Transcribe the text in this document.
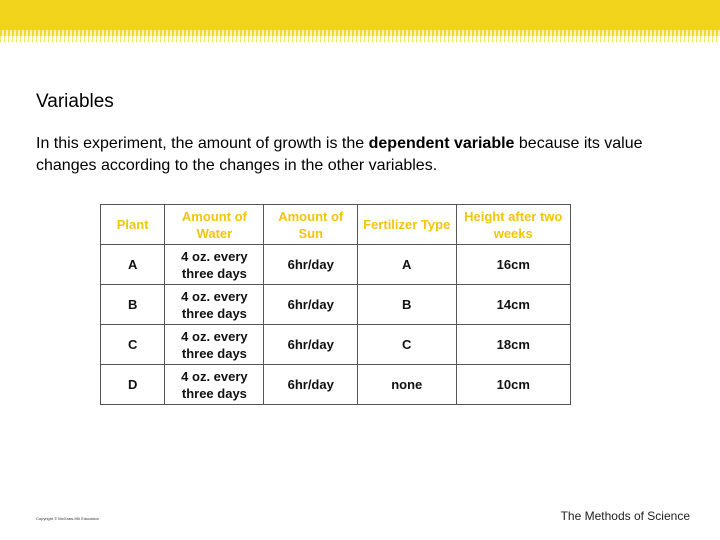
Variables
In this experiment, the amount of growth is the dependent variable because its value changes according to the changes in the other variables.
Plant	Amount of Water	Amount of Sun	Fertilizer Type	Height after two weeks
A	4 oz. every three days	6hr/day	A	16cm
B	4 oz. every three days	6hr/day	B	14cm
C	4 oz. every three days	6hr/day	C	18cm
D	4 oz. every three days	6hr/day	none	10cm
Copyright © McGraw-Hill Education	The Methods of Science
